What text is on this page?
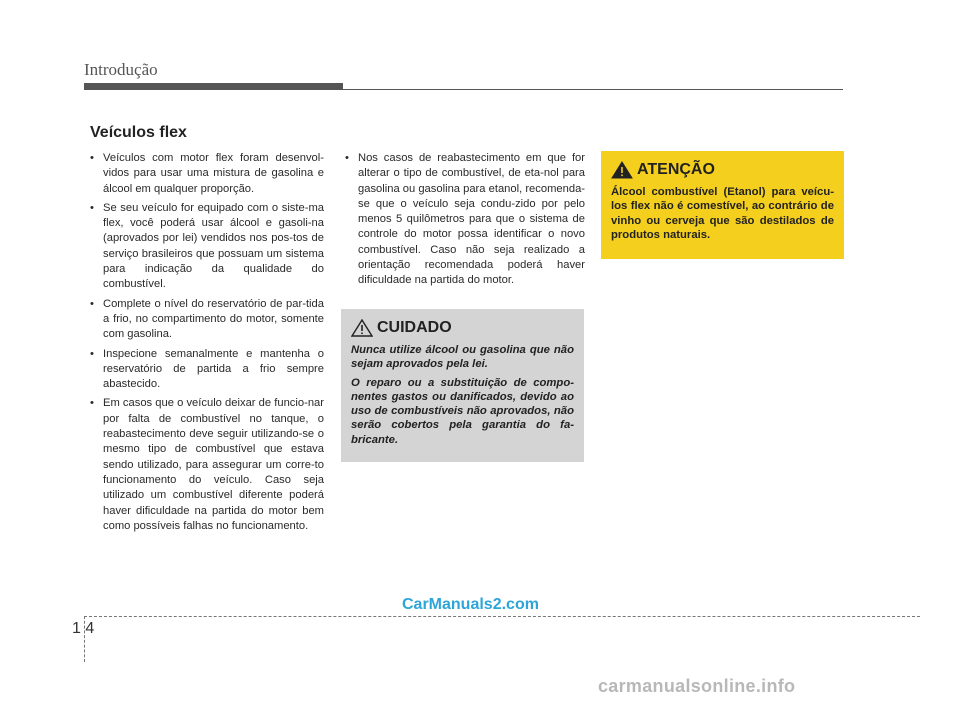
Introdução
Veículos flex
• Veículos com motor flex foram desenvol-vidos para usar uma mistura de gasolina e álcool em qualquer proporção.
• Se seu veículo for equipado com o siste-ma flex, você poderá usar álcool e gasoli-na (aprovados por lei) vendidos nos pos-tos de serviço brasileiros que possuam um sistema para indicação da qualidade do combustível.
• Complete o nível do reservatório de par-tida a frio, no compartimento do motor, somente com gasolina.
• Inspecione semanalmente e mantenha o reservatório de partida a frio sempre abastecido.
• Em casos que o veículo deixar de funcio-nar por falta de combustível no tanque, o reabastecimento deve seguir utilizando-se o mesmo tipo de combustível que estava sendo utilizado, para assegurar um corre-to funcionamento do veículo. Caso seja utilizado um combustível diferente poderá haver dificuldade na partida do motor bem como possíveis falhas no funcionamento.
• Nos casos de reabastecimento em que for alterar o tipo de combustível, de eta-nol para gasolina ou gasolina para etanol, recomenda-se que o veículo seja condu-zido por pelo menos 5 quilômetros para que o sistema de controle do motor possa identificar o novo combustível. Caso não seja realizado a orientação recomendada poderá haver dificuldade na partida do motor.
CUIDADO

Nunca utilize álcool ou gasolina que não sejam aprovados pela lei.

O reparo ou a substituição de compo-nentes gastos ou danificados, devido ao uso de combustíveis não aprovados, não serão cobertos pela garantia do fa-bricante.

ATENÇÃO

Álcool combustível (Etanol) para veícu-los flex não é comestível, ao contrário de vinho ou cerveja que são destilados de produtos naturais.

CarManuals2.com
1 4
carmanualsonline.info
